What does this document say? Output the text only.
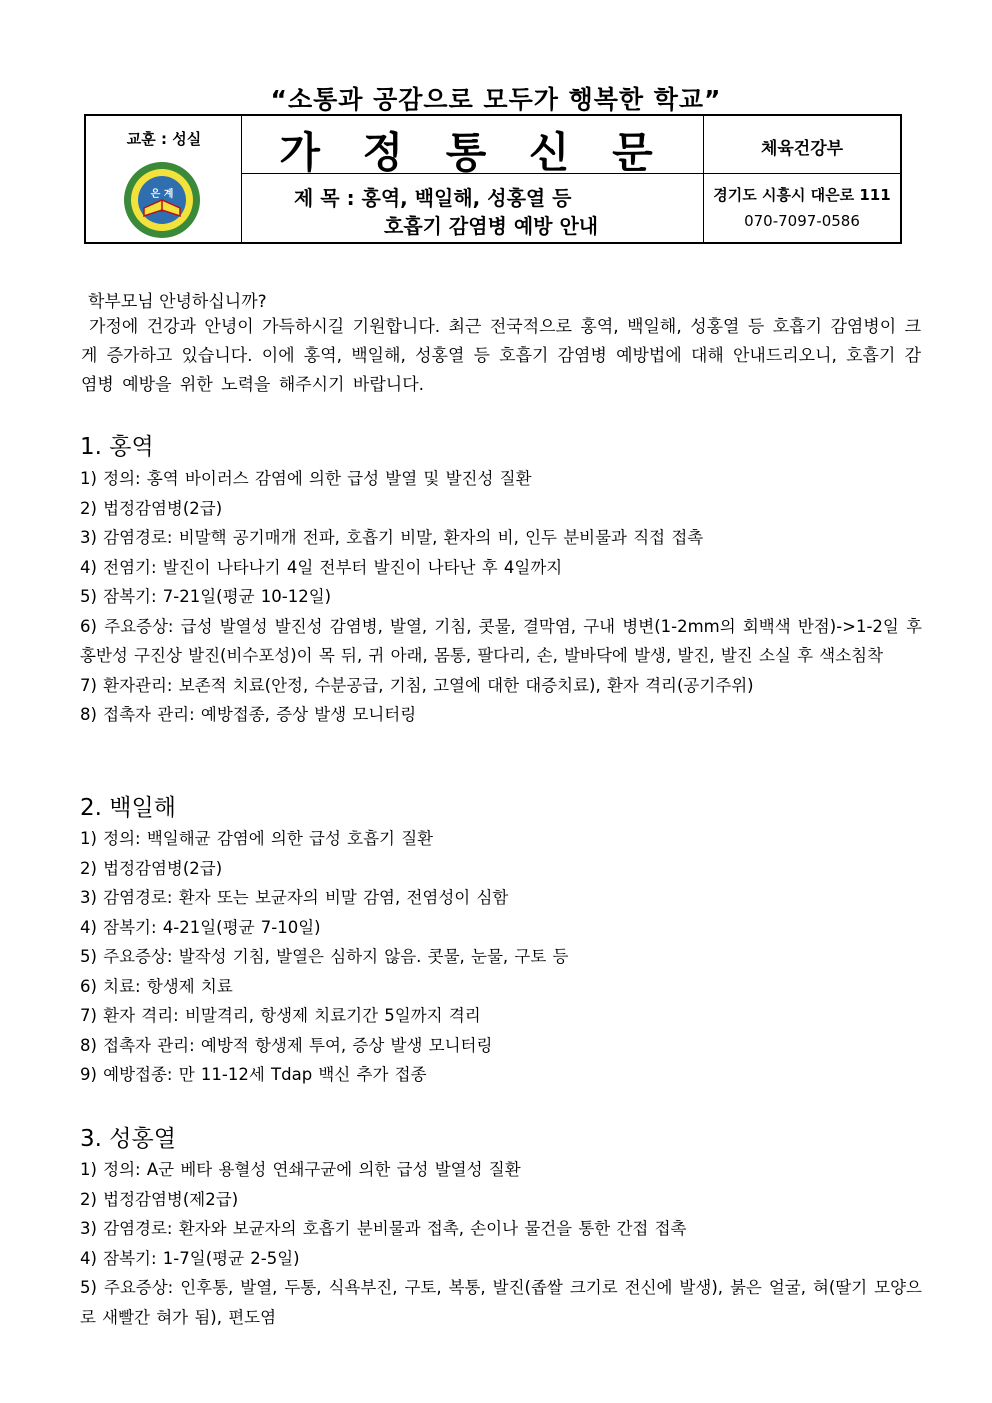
“소통과 공감으로 모두가 행복한 학교”
교훈 : 성실
은 계
가 정 통 신 문
제 목 : 홍역, 백일해, 성홍열 등
호흡기 감염병 예방 안내
체육건강부
경기도 시흥시 대은로 111
070-7097-0586
학부모님 안녕하십니까?
가정에 건강과 안녕이 가득하시길 기원합니다. 최근 전국적으로 홍역, 백일해, 성홍열 등 호흡기 감염병이 크게 증가하고 있습니다. 이에 홍역, 백일해, 성홍열 등 호흡기 감염병 예방법에 대해 안내드리오니, 호흡기 감염병 예방을 위한 노력을 해주시기 바랍니다.
1. 홍역
1) 정의: 홍역 바이러스 감염에 의한 급성 발열 및 발진성 질환
2) 법정감염병(2급)
3) 감염경로: 비말핵 공기매개 전파, 호흡기 비말, 환자의 비, 인두 분비물과 직접 접촉
4) 전염기: 발진이 나타나기 4일 전부터 발진이 나타난 후 4일까지
5) 잠복기: 7-21일(평균 10-12일)
6) 주요증상: 급성 발열성 발진성 감염병, 발열, 기침, 콧물, 결막염, 구내 병변(1-2mm의 회백색 반점)->1-2일 후 홍반성 구진상 발진(비수포성)이 목 뒤, 귀 아래, 몸통, 팔다리, 손, 발바닥에 발생, 발진, 발진 소실 후 색소침착
7) 환자관리: 보존적 치료(안정, 수분공급, 기침, 고열에 대한 대증치료), 환자 격리(공기주위)
8) 접촉자 관리: 예방접종, 증상 발생 모니터링
2. 백일해
1) 정의: 백일해균 감염에 의한 급성 호흡기 질환
2) 법정감염병(2급)
3) 감염경로: 환자 또는 보균자의 비말 감염, 전염성이 심함
4) 잠복기: 4-21일(평균 7-10일)
5) 주요증상: 발작성 기침, 발열은 심하지 않음. 콧물, 눈물, 구토 등
6) 치료: 항생제 치료
7) 환자 격리: 비말격리, 항생제 치료기간 5일까지 격리
8) 접촉자 관리: 예방적 항생제 투여, 증상 발생 모니터링
9) 예방접종: 만 11-12세 Tdap 백신 추가 접종
3. 성홍열
1) 정의: A군 베타 용혈성 연쇄구균에 의한 급성 발열성 질환
2) 법정감염병(제2급)
3) 감염경로: 환자와 보균자의 호흡기 분비물과 접촉, 손이나 물건을 통한 간접 접촉
4) 잠복기: 1-7일(평균 2-5일)
5) 주요증상: 인후통, 발열, 두통, 식욕부진, 구토, 복통, 발진(좁쌀 크기로 전신에 발생), 붉은 얼굴, 혀(딸기 모양으로 새빨간 혀가 됨), 편도염
